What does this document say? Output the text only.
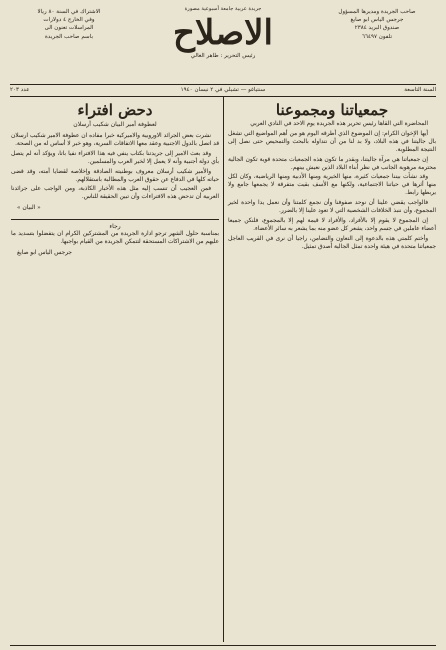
صاحب الجريدة ومديرها المسؤول
جرجس الياس ابو صايغ
صندوق البريد ٢٣٨٤
تلفون ٦٦٤٩٧
جريدة عربية جامعة أسبوعية مصورة
الاصلاح
رئيس التحرير : طاهر الغالي
الاشتراك في السنة ٨٠ ريالا
وفي الخارج ٤ دولارات
المراسلات تعنون الى
باسم صاحب الجريدة
السنة التاسعة
سنتياغو — تشيلي في ٢ نيسان ١٩٤٠
عدد ٢٠٣
جمعياتنا ومجموعنا

المحاضرة التي القاها رئيس تحرير هذه الجريدة يوم الاحد في النادي العربي

أيها الإخوان الكرام: إن الموضوع الذي أطرقه اليوم هو من أهم المواضيع التي تشغل بال جاليتنا في هذه البلاد، ولا بد لنا من أن نتداوله بالبحث والتمحيص حتى نصل إلى النتيجة المطلوبة.

إن جمعياتنا هي مرآة جاليتنا، وبقدر ما تكون هذه الجمعيات متحدة قوية تكون الجالية محترمة مرهوبة الجانب في نظر أبناء البلاد الذين نعيش بينهم.

وقد نشأت بيننا جمعيات كثيرة، منها الخيرية ومنها الأدبية ومنها الرياضية، وكان لكل منها أثرها في حياتنا الاجتماعية، ولكنها مع الأسف بقيت متفرقة لا يجمعها جامع ولا يربطها رابط.

فالواجب يقضي علينا أن نوحد صفوفنا وأن نجمع كلمتنا وأن نعمل يدا واحدة لخير المجموع، وأن ننبذ الخلافات الشخصية التي لا تعود علينا إلا بالضرر.

إن المجموع لا يقوم إلا بالأفراد، والأفراد لا قيمة لهم إلا بالمجموع، فلنكن جميعا أعضاء عاملين في جسم واحد، يشعر كل عضو منه بما يشعر به سائر الأعضاء.

وأختم كلمتي هذه بالدعوة إلى التعاون والتضامن، راجيا أن نرى في القريب العاجل جمعياتنا متحدة في هيئة واحدة تمثل الجالية أصدق تمثيل.

دحض افتراء
لعطوفة أمير البيان شكيب أرسلان

نشرت بعض الجرائد الاوروبية والاميركية خبرا مفاده ان عطوفة الامير شكيب ارسلان قد اتصل بالدول الاجنبية وعقد معها الاتفاقات السرية، وهو خبر لا أساس له من الصحة.

وقد بعث الامير إلى جريدتنا بكتاب ينفي فيه هذا الافتراء نفيا باتا، ويؤكد أنه لم يتصل بأي دولة أجنبية وأنه لا يعمل إلا لخير العرب والمسلمين.

والأمير شكيب أرسلان معروف بوطنيته الصادقة وإخلاصه لقضايا أمته، وقد قضى حياته كلها في الدفاع عن حقوق العرب والمطالبة باستقلالهم.

فمن العجيب أن تنسب إليه مثل هذه الأخبار الكاذبة، ومن الواجب على جرائدنا العربية أن تدحض هذه الافتراءات وأن تبين الحقيقة للناس.

« البيان »
رجاء

بمناسبة حلول الشهر ترجو ادارة الجريدة من المشتركين الكرام ان يتفضلوا بتسديد ما عليهم من الاشتراكات المستحقة لتتمكن الجريدة من القيام بواجبها.

جرجس الياس ابو صايغ
